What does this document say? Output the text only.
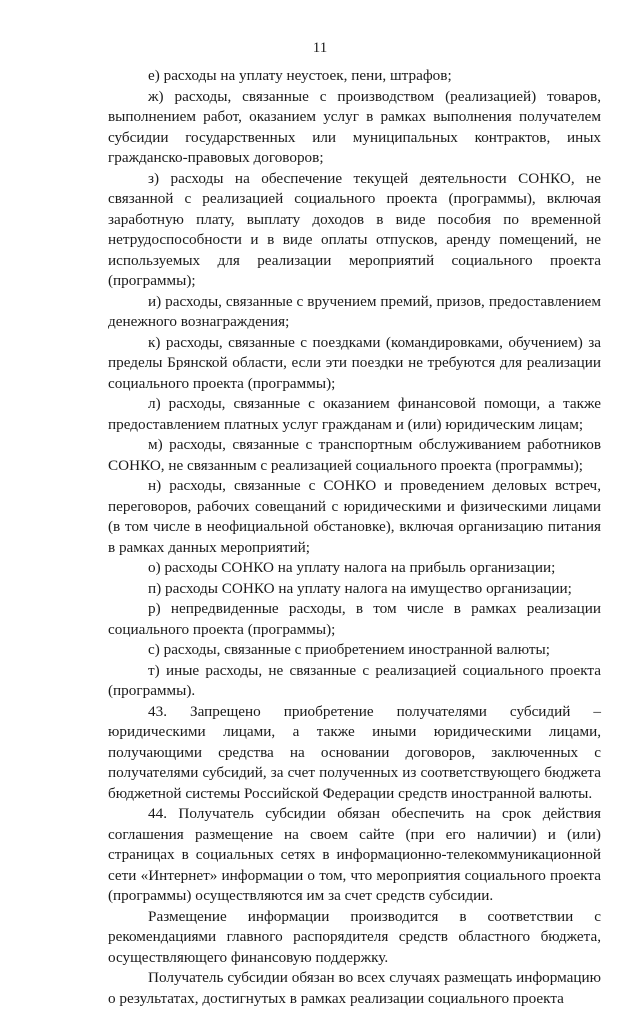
11

е) расходы на уплату неустоек, пени, штрафов;

ж) расходы, связанные с производством (реализацией) товаров, выполнением работ, оказанием услуг в рамках выполнения получателем субсидии государственных или муниципальных контрактов, иных гражданско-правовых договоров;

з) расходы на обеспечение текущей деятельности СОНКО, не связанной с реализацией социального проекта (программы), включая заработную плату, выплату доходов в виде пособия по временной нетрудоспособности и в виде оплаты отпусков, аренду помещений, не используемых для реализации мероприятий социального проекта (программы);

и) расходы, связанные с вручением премий, призов, предоставлением денежного вознаграждения;

к) расходы, связанные с поездками (командировками, обучением) за пределы Брянской области, если эти поездки не требуются для реализации социального проекта (программы);

л) расходы, связанные с оказанием финансовой помощи, а также предоставлением платных услуг гражданам и (или) юридическим лицам;

м) расходы, связанные с транспортным обслуживанием работников СОНКО, не связанным с реализацией социального проекта (программы);

н) расходы, связанные с СОНКО и проведением деловых встреч, переговоров, рабочих совещаний с юридическими и физическими лицами (в том числе в неофициальной обстановке), включая организацию питания в рамках данных мероприятий;

о) расходы СОНКО на уплату налога на прибыль организации;

п) расходы СОНКО на уплату налога на имущество организации;

р) непредвиденные расходы, в том числе в рамках реализации социального проекта (программы);

с) расходы, связанные с приобретением иностранной валюты;

т) иные расходы, не связанные с реализацией социального проекта (программы).

43. Запрещено приобретение получателями субсидий – юридическими лицами, а также иными юридическими лицами, получающими средства на основании договоров, заключенных с получателями субсидий, за счет полученных из соответствующего бюджета бюджетной системы Российской Федерации средств иностранной валюты.

44. Получатель субсидии обязан обеспечить на срок действия соглашения размещение на своем сайте (при его наличии) и (или) страницах в социальных сетях в информационно-телекоммуникационной сети «Интернет» информации о том, что мероприятия социального проекта (программы) осуществляются им за счет средств субсидии.

Размещение информации производится в соответствии с рекомендациями главного распорядителя средств областного бюджета, осуществляющего финансовую поддержку.

Получатель субсидии обязан во всех случаях размещать информацию о результатах, достигнутых в рамках реализации социального проекта
